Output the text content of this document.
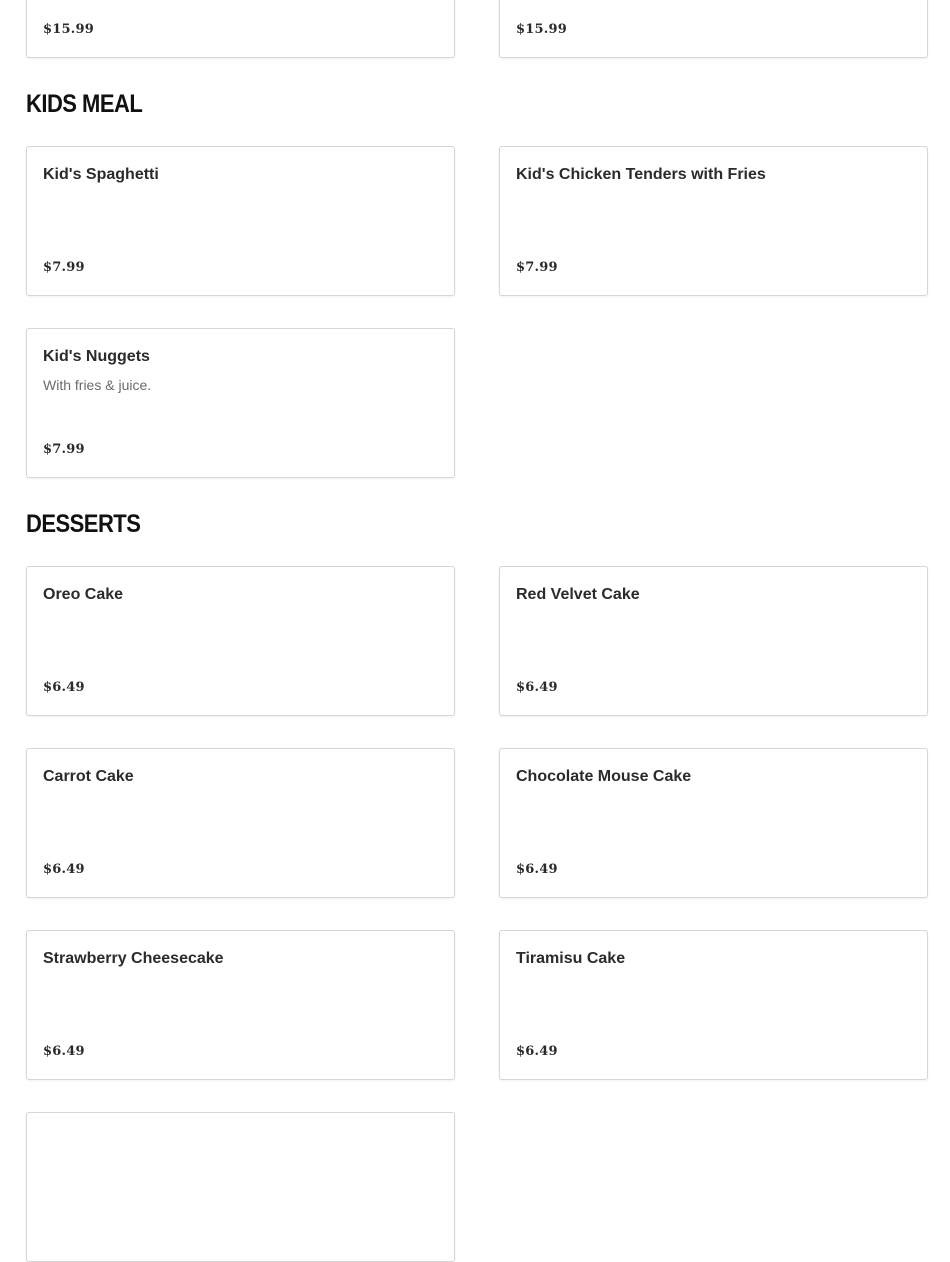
$15.99	$15.99
KIDS MEAL
Kid's Spaghetti
$7.99
Kid's Chicken Tenders with Fries
$7.99
Kid's Nuggets
With fries & juice.
$7.99
DESSERTS
Oreo Cake
$6.49
Red Velvet Cake
$6.49
Carrot Cake
$6.49
Chocolate Mouse Cake
$6.49
Strawberry Cheesecake
$6.49
Tiramisu Cake
$6.49
